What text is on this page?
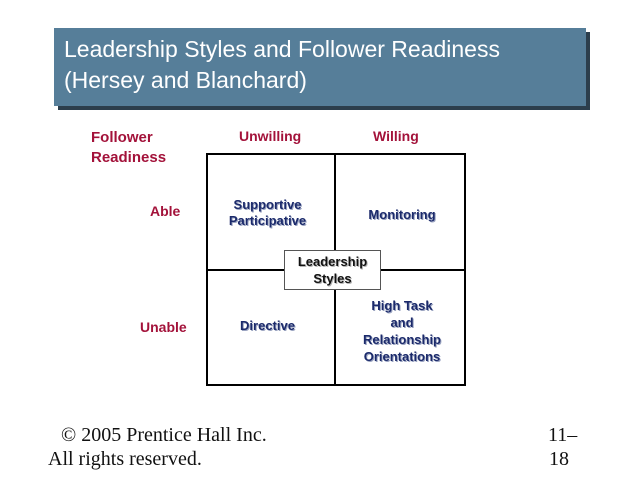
Leadership Styles and Follower Readiness
(Hersey and Blanchard)
Follower
Readiness
Unwilling	Willing
Able
Unable
Supportive
Participative	Monitoring
Directive
High Task
and
Relationship
Orientations
Leadership
Styles
© 2005 Prentice Hall Inc.
All rights reserved.
11–
18
